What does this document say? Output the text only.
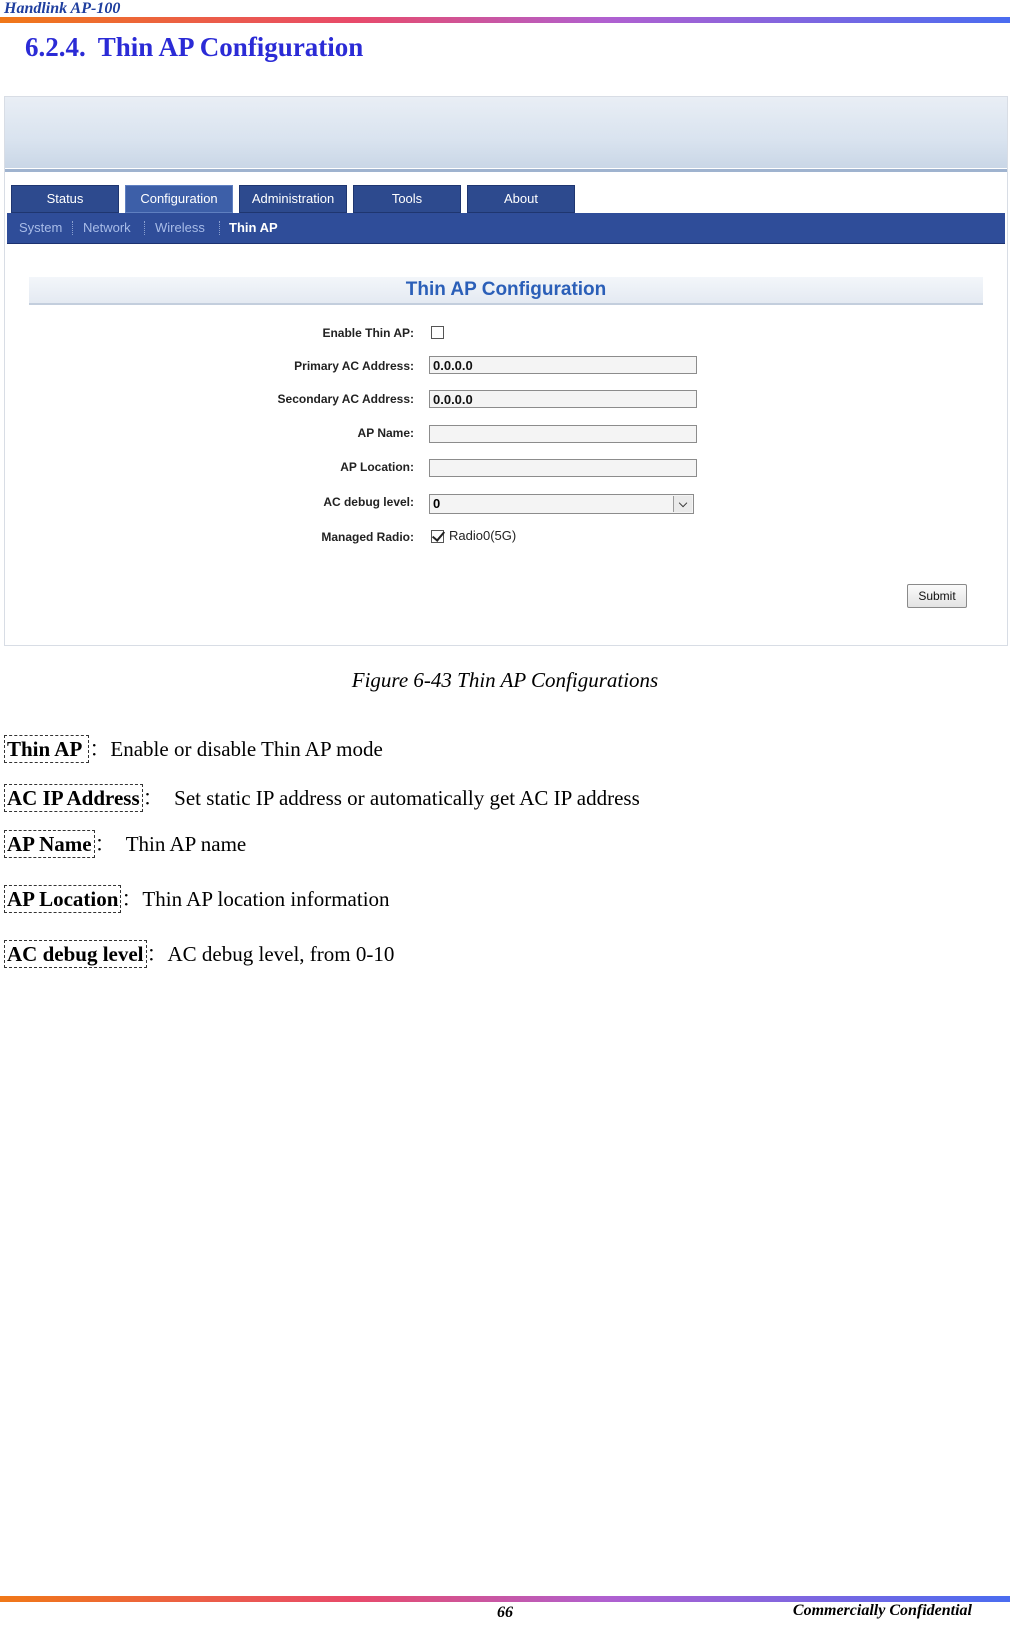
Handlink AP-100
6.2.4. Thin AP Configuration
Status	Configuration	Administration	Tools	About
System Network Wireless Thin AP
Thin AP Configuration
Enable Thin AP:
Primary AC Address:	0.0.0.0
Secondary AC Address:	0.0.0.0
AP Name:
AP Location:
AC debug level:	0	⌵
Managed Radio:	Radio0(5G)
Submit
Figure 6-43 Thin AP Configurations
Thin AP ：Enable or disable Thin AP mode
AC IP Address ：  Set static IP address or automatically get AC IP address
AP Name ：  Thin AP name
AP Location ：Thin AP location information
AC debug level ：AC debug level, from 0-10
66	Commercially Confidential
